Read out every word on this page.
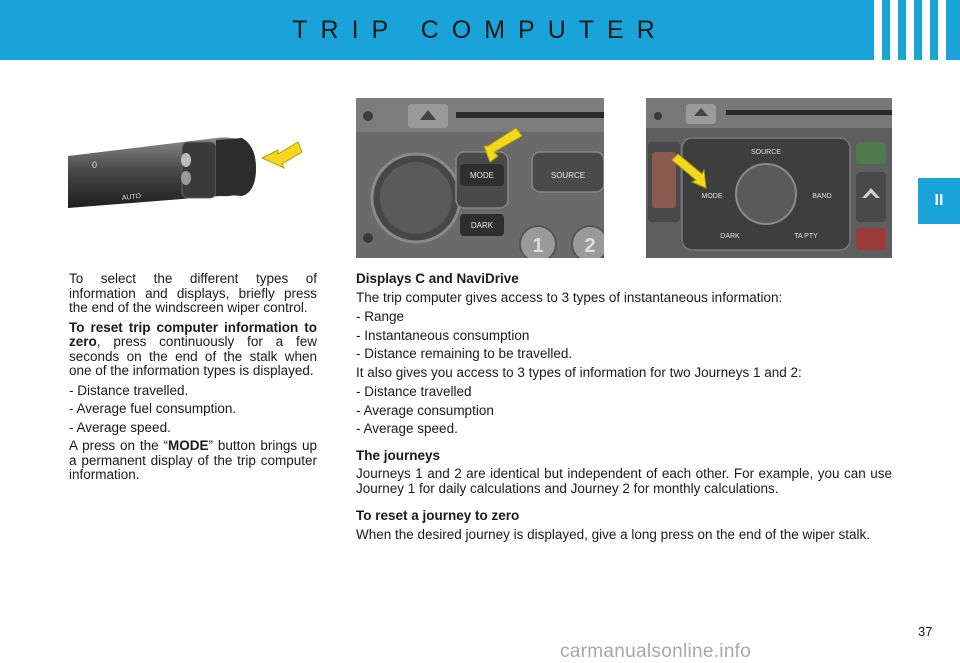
TRIP COMPUTER
II
0
AUTO
MODE
DARK
SOURCE
1 2
SOURCE
MODE	BAND
DARK	TA PTY

To select the different types of information and displays, briefly press the end of the windscreen wiper control.

To reset trip computer information to zero, press continuously for a few seconds on the end of the stalk when one of the information types is displayed.

- Distance travelled.
- Average fuel consumption.
- Average speed.

A press on the “MODE” button brings up a permanent display of the trip computer information.

Displays C and NaviDrive

The trip computer gives access to 3 types of instantaneous information:

- Range
- Instantaneous consumption
- Distance remaining to be travelled.

It also gives you access to 3 types of information for two Journeys 1 and 2:

- Distance travelled
- Average consumption
- Average speed.
The journeys

Journeys 1 and 2 are identical but independent of each other. For example, you can use Journey 1 for daily calculations and Journey 2 for monthly calculations.

To reset a journey to zero

When the desired journey is displayed, give a long press on the end of the wiper stalk.

37
carmanualsonline.info
